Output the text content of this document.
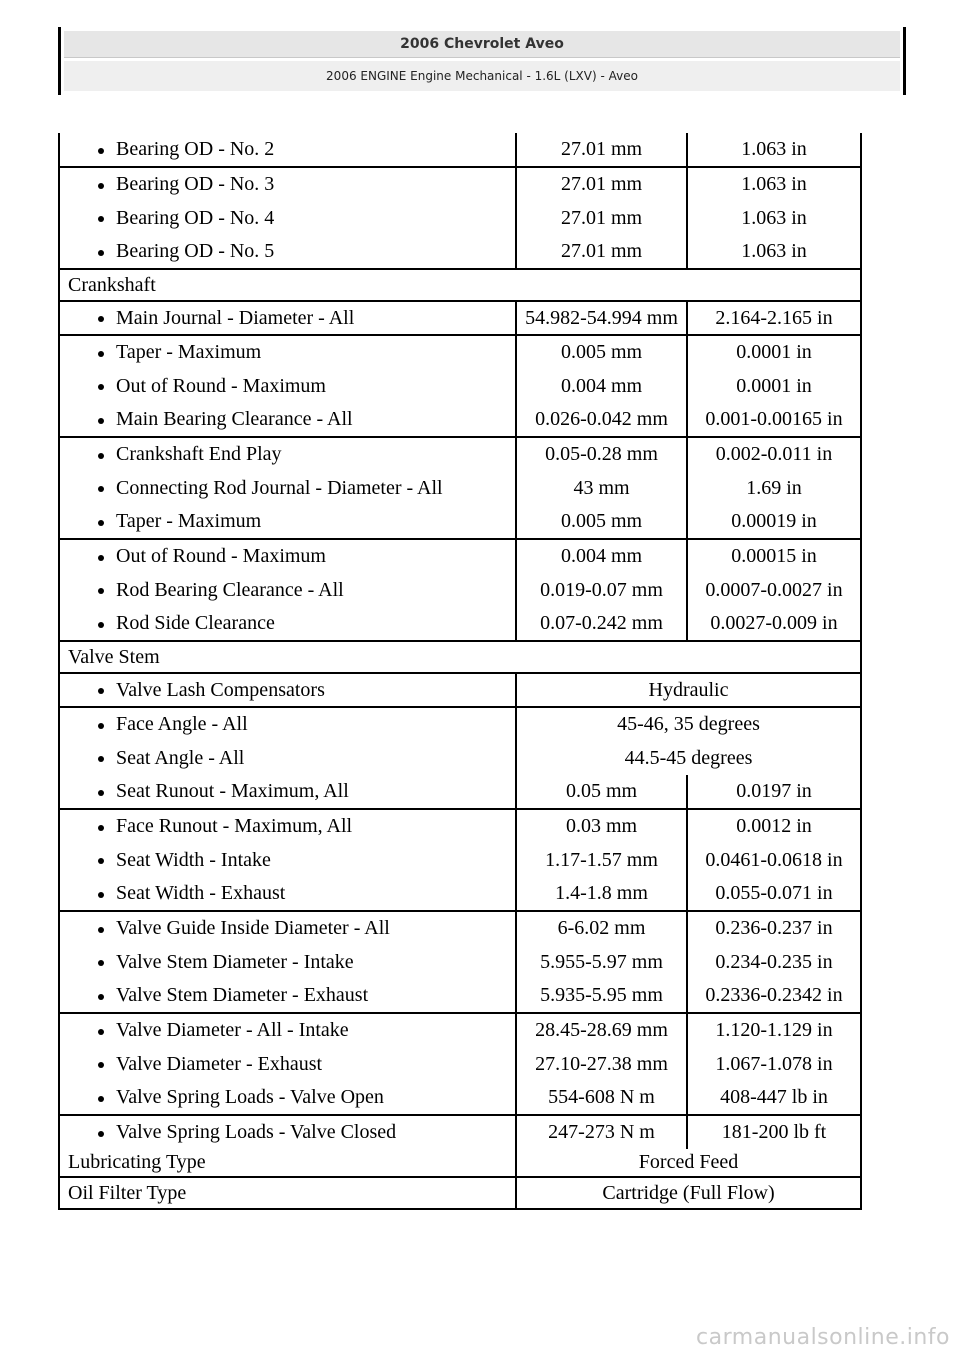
2006 Chevrolet Aveo
2006 ENGINE Engine Mechanical - 1.6L (LXV) - Aveo
Bearing OD - No. 2	27.01 mm	1.063 in

Bearing OD - No. 3	27.01 mm	1.063 in

Bearing OD - No. 4	27.01 mm	1.063 in

Bearing OD - No. 5	27.01 mm	1.063 in
Crankshaft		

Main Journal - Diameter - All	54.982-54.994 mm	2.164-2.165 in

Taper - Maximum	0.005 mm	0.0001 in

Out of Round - Maximum	0.004 mm	0.0001 in

Main Bearing Clearance - All	0.026-0.042 mm	0.001-0.00165 in

Crankshaft End Play	0.05-0.28 mm	0.002-0.011 in

Connecting Rod Journal - Diameter - All	43 mm	1.69 in

Taper - Maximum	0.005 mm	0.00019 in

Out of Round - Maximum	0.004 mm	0.00015 in

Rod Bearing Clearance - All	0.019-0.07 mm	0.0007-0.0027 in

Rod Side Clearance	0.07-0.242 mm	0.0027-0.009 in
Valve Stem		

Valve Lash Compensators	Hydraulic	

Face Angle - All	45-46, 35 degrees	

Seat Angle - All	44.5-45 degrees	

Seat Runout - Maximum, All	0.05 mm	0.0197 in

Face Runout - Maximum, All	0.03 mm	0.0012 in

Seat Width - Intake	1.17-1.57 mm	0.0461-0.0618 in

Seat Width - Exhaust	1.4-1.8 mm	0.055-0.071 in

Valve Guide Inside Diameter - All	6-6.02 mm	0.236-0.237 in

Valve Stem Diameter - Intake	5.955-5.97 mm	0.234-0.235 in

Valve Stem Diameter - Exhaust	5.935-5.95 mm	0.2336-0.2342 in

Valve Diameter - All - Intake	28.45-28.69 mm	1.120-1.129 in

Valve Diameter - Exhaust	27.10-27.38 mm	1.067-1.078 in

Valve Spring Loads - Valve Open	554-608 N m	408-447 lb in

Valve Spring Loads - Valve Closed	247-273 N m	181-200 lb ft
Lubricating Type	Forced Feed	
Oil Filter Type	Cartridge (Full Flow)	
carmanualsonline.info
